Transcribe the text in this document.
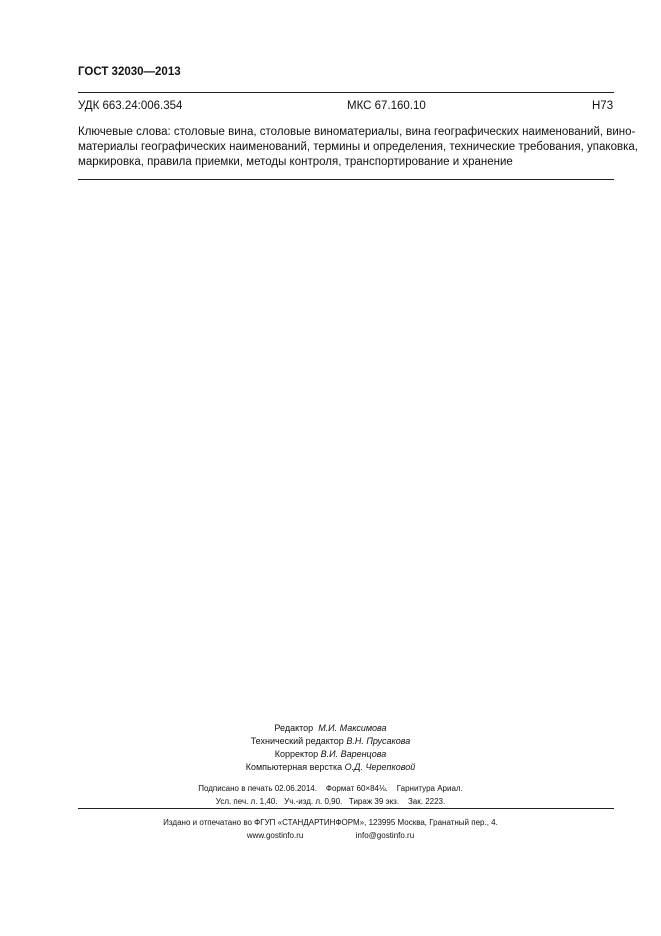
ГОСТ 32030—2013
УДК 663.24:006.354	МКС 67.160.10	Н73
Ключевые слова: столовые вина, столовые виноматериалы, вина географических наименований, вино-
материалы географических наименований, термины и определения, технические требования, упаковка,
маркировка, правила приемки, методы контроля, транспортирование и хранение
Редактор М.И. Максимова
Технический редактор В.Н. Прусакова
Корректор В.И. Варенцова
Компьютерная верстка О.Д. Черепковой
Подписано в печать 02.06.2014.    Формат 60×84⅛.    Гарнитура Ариал.
Усл. печ. л. 1,40.   Уч.-изд. л. 0,90.   Тираж 39 экз.    Зак. 2223.
Издано и отпечатано во ФГУП «СТАНДАРТИНФОРМ», 123995 Москва, Гранатный пер., 4.
www.gostinfo.ru	info@gostinfo.ru
